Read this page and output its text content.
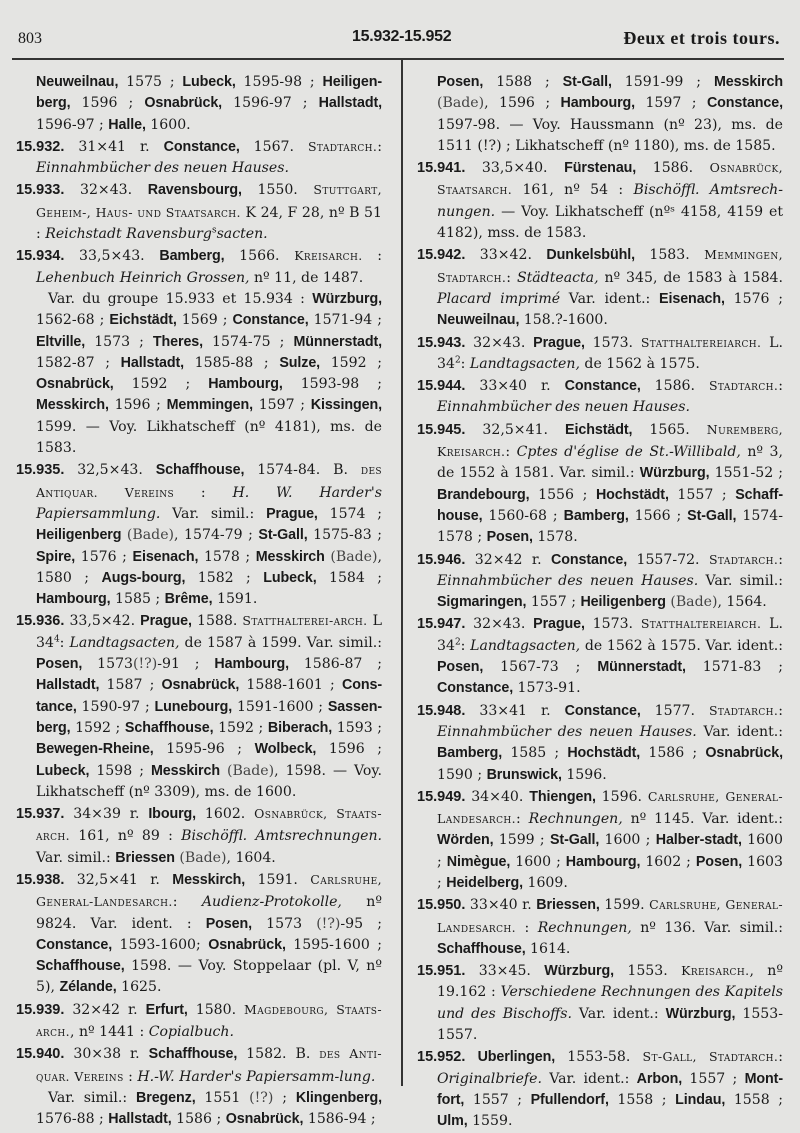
803	15.932-15.952	Ðeux et trois tours.

Neuweilnau, 1575 ; Lubeck, 1595-98 ; Heiligen-berg, 1596 ; Osnabrück, 1596-97 ; Hallstadt, 1596-97 ; Halle, 1600.

15.932. 31×41 r. Constance, 1567. Stadtarch.: Einnahmbücher des neuen Hauses.

15.933. 32×43. Ravensbourg, 1550. Stuttgart, Geheim-, Haus- und Staatsarch. K 24, F 28, nº B 51 : Reichstadt Ravensburg$^s$sacten.

15.934. 33,5×43. Bamberg, 1566. Kreisarch. : Lehenbuch Heinrich Grossen, nº 11, de 1487.

Var. du groupe 15.933 et 15.934 : Würzburg, 1562-68 ; Eichstädt, 1569 ; Constance, 1571-94 ; Eltville, 1573 ; Theres, 1574-75 ; Münnerstadt, 1582-87 ; Hallstadt, 1585-88 ; Sulze, 1592 ; Osnabrück, 1592 ; Hambourg, 1593-98 ; Messkirch, 1596 ; Memmingen, 1597 ; Kissingen, 1599. — Voy. Likhatscheff (nº 4181), ms. de 1583.

15.935. 32,5×43. Schaffhouse, 1574-84. B. des Antiquar. Vereins : H. W. Harder's Papiersammlung. Var. simil.: Prague, 1574 ; Heiligenberg (Bade), 1574-79 ; St-Gall, 1575-83 ; Spire, 1576 ; Eisenach, 1578 ; Messkirch (Bade), 1580 ; Augs-bourg, 1582 ; Lubeck, 1584 ; Hambourg, 1585 ; Brême, 1591.

15.936. 33,5×42. Prague, 1588. Statthalterei-arch. L $34^4$: Landtagsacten, de 1587 à 1599. Var. simil.: Posen, 1573(!?)-91 ; Hambourg, 1586-87 ; Hallstadt, 1587 ; Osnabrück, 1588-1601 ; Cons-tance, 1590-97 ; Lunebourg, 1591-1600 ; Sassen-berg, 1592 ; Schaffhouse, 1592 ; Biberach, 1593 ; Bewegen-Rheine, 1595-96 ; Wolbeck, 1596 ; Lubeck, 1598 ; Messkirch (Bade), 1598. — Voy. Likhatscheff (nº 3309), ms. de 1600.

15.937. 34×39 r. Ibourg, 1602. Osnabrück, Staats-arch. 161, nº 89 : Bischöffl. Amtsrechnungen. Var. simil.: Briessen (Bade), 1604.

15.938. 32,5×41 r. Messkirch, 1591. Carlsruhe, General-Landesarch.: Audienz-Protokolle, nº 9824. Var. ident. : Posen, 1573 (!?)-95 ; Constance, 1593-1600; Osnabrück, 1595-1600 ; Schaffhouse, 1598. — Voy. Stoppelaar (pl. V, nº 5), Zélande, 1625.

15.939. 32×42 r. Erfurt, 1580. Magdebourg, Staats-arch., nº 1441 : Copialbuch.

15.940. 30×38 r. Schaffhouse, 1582. B. des Anti-quar. Vereins : H.-W. Harder's Papiersamm-lung.

Var. simil.: Bregenz, 1551 (!?) ; Klingenberg, 1576-88 ; Hallstadt, 1586 ; Osnabrück, 1586-94 ;

Posen, 1588 ; St-Gall, 1591-99 ; Messkirch (Bade), 1596 ; Hambourg, 1597 ; Constance, 1597-98. — Voy. Haussmann (nº 23), ms. de 1511 (!?) ; Likhatscheff (nº 1180), ms. de 1585.

15.941. 33,5×40. Fürstenau, 1586. Osnabrück, Staatsarch. 161, nº 54 : Bischöffl. Amtsrech-nungen. — Voy. Likhatscheff (nºˢ 4158, 4159 et 4182), mss. de 1583.

15.942. 33×42. Dunkelsbühl, 1583. Memmingen, Stadtarch.: Städteacta, nº 345, de 1583 à 1584. Placard imprimé Var. ident.: Eisenach, 1576 ; Neuweilnau, 158.?-1600.

15.943. 32×43. Prague, 1573. Statthaltereiarch. L. $34^2$: Landtagsacten, de 1562 à 1575.

15.944. 33×40 r. Constance, 1586. Stadtarch.: Einnahmbücher des neuen Hauses.

15.945. 32,5×41. Eichstädt, 1565. Nuremberg, Kreisarch.: Cptes d'église de St.-Willibald, nº 3, de 1552 à 1581. Var. simil.: Würzburg, 1551-52 ; Brandebourg, 1556 ; Hochstädt, 1557 ; Schaff-house, 1560-68 ; Bamberg, 1566 ; St-Gall, 1574-1578 ; Posen, 1578.

15.946. 32×42 r. Constance, 1557-72. Stadtarch.: Einnahmbücher des neuen Hauses. Var. simil.: Sigmaringen, 1557 ; Heiligenberg (Bade), 1564.

15.947. 32×43. Prague, 1573. Statthaltereiarch. L. $34^2$: Landtagsacten, de 1562 à 1575. Var. ident.: Posen, 1567-73 ; Münnerstadt, 1571-83 ; Constance, 1573-91.

15.948. 33×41 r. Constance, 1577. Stadtarch.: Einnahmbücher des neuen Hauses. Var. ident.: Bamberg, 1585 ; Hochstädt, 1586 ; Osnabrück, 1590 ; Brunswick, 1596.

15.949. 34×40. Thiengen, 1596. Carlsruhe, General-Landesarch.: Rechnungen, nº 1145. Var. ident.: Wörden, 1599 ; St-Gall, 1600 ; Halber-stadt, 1600 ; Nimègue, 1600 ; Hambourg, 1602 ; Posen, 1603 ; Heidelberg, 1609.

15.950. 33×40 r. Briessen, 1599. Carlsruhe, General-Landesarch. : Rechnungen, nº 136. Var. simil.: Schaffhouse, 1614.

15.951. 33×45. Würzburg, 1553. Kreisarch., nº 19.162 : Verschiedene Rechnungen des Kapitels und des Bischoffs. Var. ident.: Würzburg, 1553-1557.

15.952. Uberlingen, 1553-58. St-Gall, Stadtarch.: Originalbriefe. Var. ident.: Arbon, 1557 ; Mont-fort, 1557 ; Pfullendorf, 1558 ; Lindau, 1558 ; Ulm, 1559.
